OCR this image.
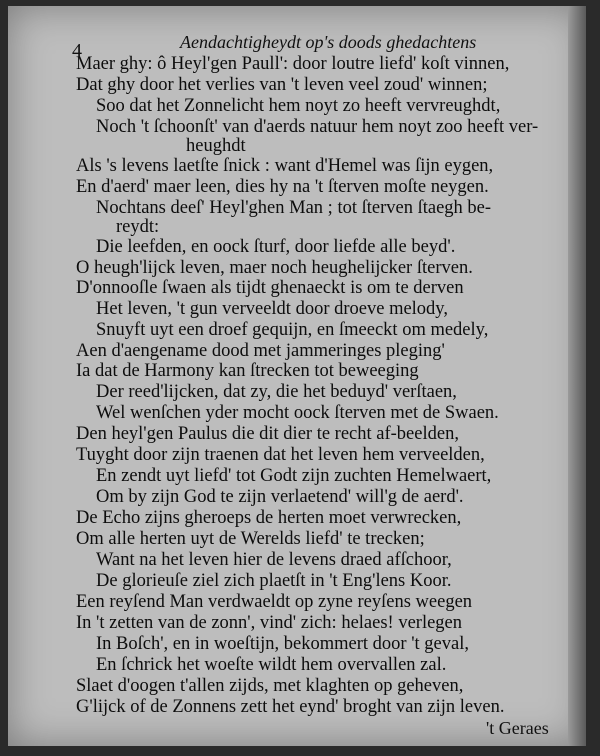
4	Aendachtigheydt op's doods ghedachtens
Maer ghy: ô Heyl'gen Paull': door loutre liefd' koſt vinnen,
Dat ghy door het verlies van 't leven veel zoud' winnen;
Soo dat het Zonnelicht hem noyt zo heeft vervreughdt,
Noch 't ſchoonſt' van d'aerds natuur hem noyt zoo heeft ver-
heughdt
Als 's levens laetſte ſnick : want d'Hemel was ſijn eygen,
En d'aerd' maer leen, dies hy na 't ſterven moſte neygen.
Nochtans deeſ' Heyl'ghen Man ; tot ſterven ſtaegh be-
reydt:
Die leefden, en oock ſturf, door liefde alle beyd'.
O heugh'lijck leven, maer noch heughelijcker ſterven.
D'onnooſle ſwaen als tijdt ghenaeckt is om te derven
Het leven, 't gun verveeldt door droeve melody,
Snuyft uyt een droef gequijn, en ſmeeckt om medely,
Aen d'aengename dood met jammeringes pleging'
Ia dat de Harmony kan ſtrecken tot beweeging
Der reed'lijcken, dat zy, die het beduyd' verſtaen,
Wel wenſchen yder mocht oock ſterven met de Swaen.
Den heyl'gen Paulus die dit dier te recht af-beelden,
Tuyght door zijn traenen dat het leven hem verveelden,
En zendt uyt liefd' tot Godt zijn zuchten Hemelwaert,
Om by zijn God te zijn verlaetend' will'g de aerd'.
De Echo zijns gheroeps de herten moet verwrecken,
Om alle herten uyt de Werelds liefd' te trecken;
Want na het leven hier de levens draed afſchoor,
De glorieuſe ziel zich plaetſt in 't Eng'lens Koor.
Een reyſend Man verdwaeldt op zyne reyſens weegen
In 't zetten van de zonn', vind' zich: helaes! verlegen
In Boſch', en in woeſtijn, bekommert door 't geval,
En ſchrick het woeſte wildt hem overvallen zal.
Slaet d'oogen t'allen zijds, met klaghten op geheven,
G'lijck of de Zonnens zett het eynd' broght van zijn leven.
't Geraes
